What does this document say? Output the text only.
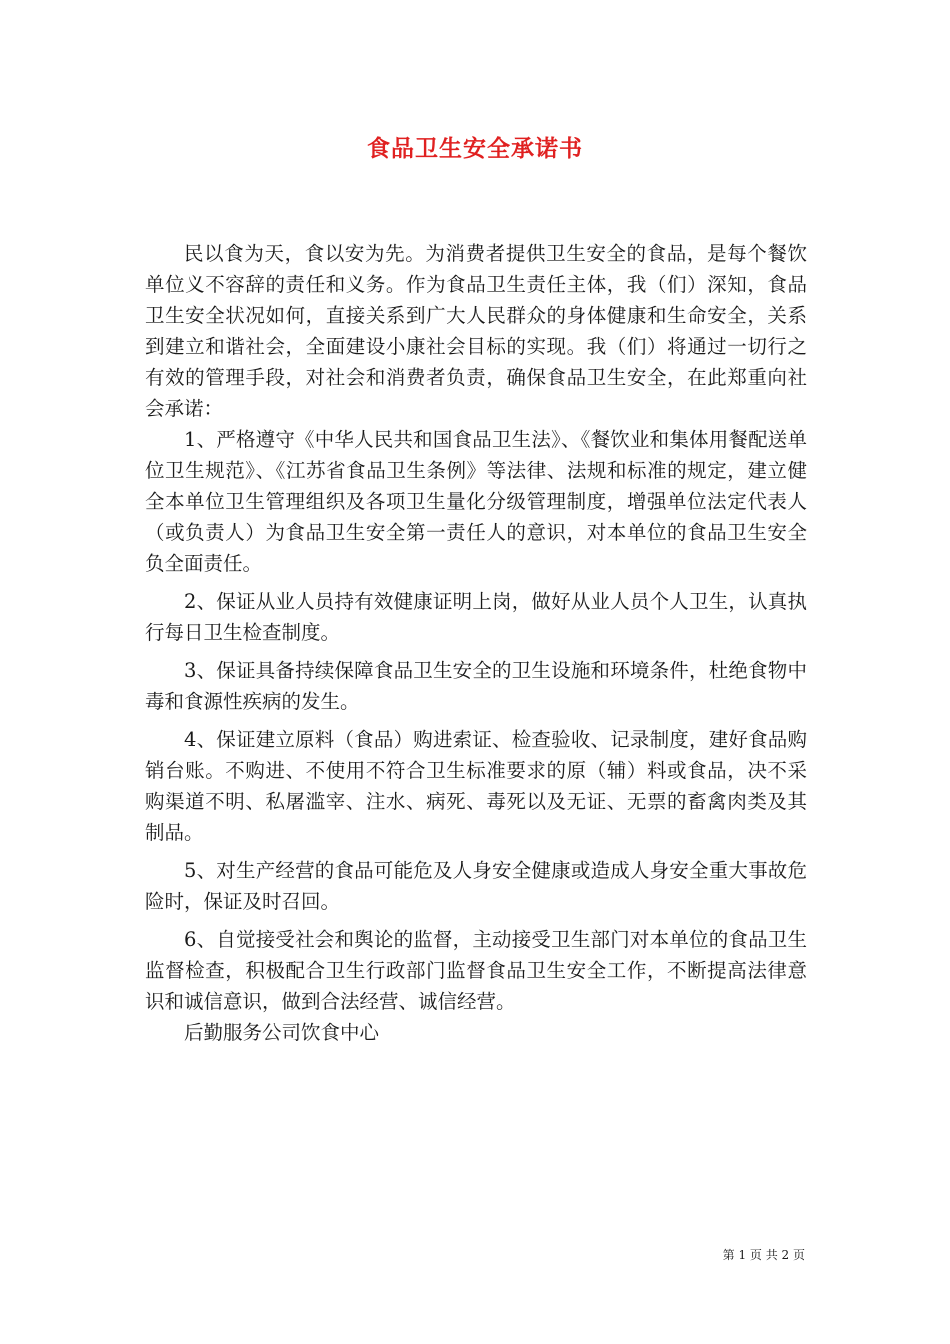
食品卫生安全承诺书

民以食为天，食以安为先。为消费者提供卫生安全的食品，是每个餐饮单位义不容辞的责任和义务。作为食品卫生责任主体，我（们）深知，食品卫生安全状况如何，直接关系到广大人民群众的身体健康和生命安全，关系到建立和谐社会，全面建设小康社会目标的实现。我（们）将通过一切行之有效的管理手段，对社会和消费者负责，确保食品卫生安全，在此郑重向社会承诺：

1、严格遵守《中华人民共和国食品卫生法》、《餐饮业和集体用餐配送单位卫生规范》、《江苏省食品卫生条例》等法律、法规和标准的规定，建立健全本单位卫生管理组织及各项卫生量化分级管理制度，增强单位法定代表人（或负责人）为食品卫生安全第一责任人的意识，对本单位的食品卫生安全负全面责任。

2、保证从业人员持有效健康证明上岗，做好从业人员个人卫生，认真执行每日卫生检查制度。

3、保证具备持续保障食品卫生安全的卫生设施和环境条件，杜绝食物中毒和食源性疾病的发生。

4、保证建立原料（食品）购进索证、检查验收、记录制度，建好食品购销台账。不购进、不使用不符合卫生标准要求的原（辅）料或食品，决不采购渠道不明、私屠滥宰、注水、病死、毒死以及无证、无票的畜禽肉类及其制品。

5、对生产经营的食品可能危及人身安全健康或造成人身安全重大事故危险时，保证及时召回。

6、自觉接受社会和舆论的监督，主动接受卫生部门对本单位的食品卫生监督检查，积极配合卫生行政部门监督食品卫生安全工作，不断提高法律意识和诚信意识，做到合法经营、诚信经营。

后勤服务公司饮食中心

第 1 页 共 2 页
